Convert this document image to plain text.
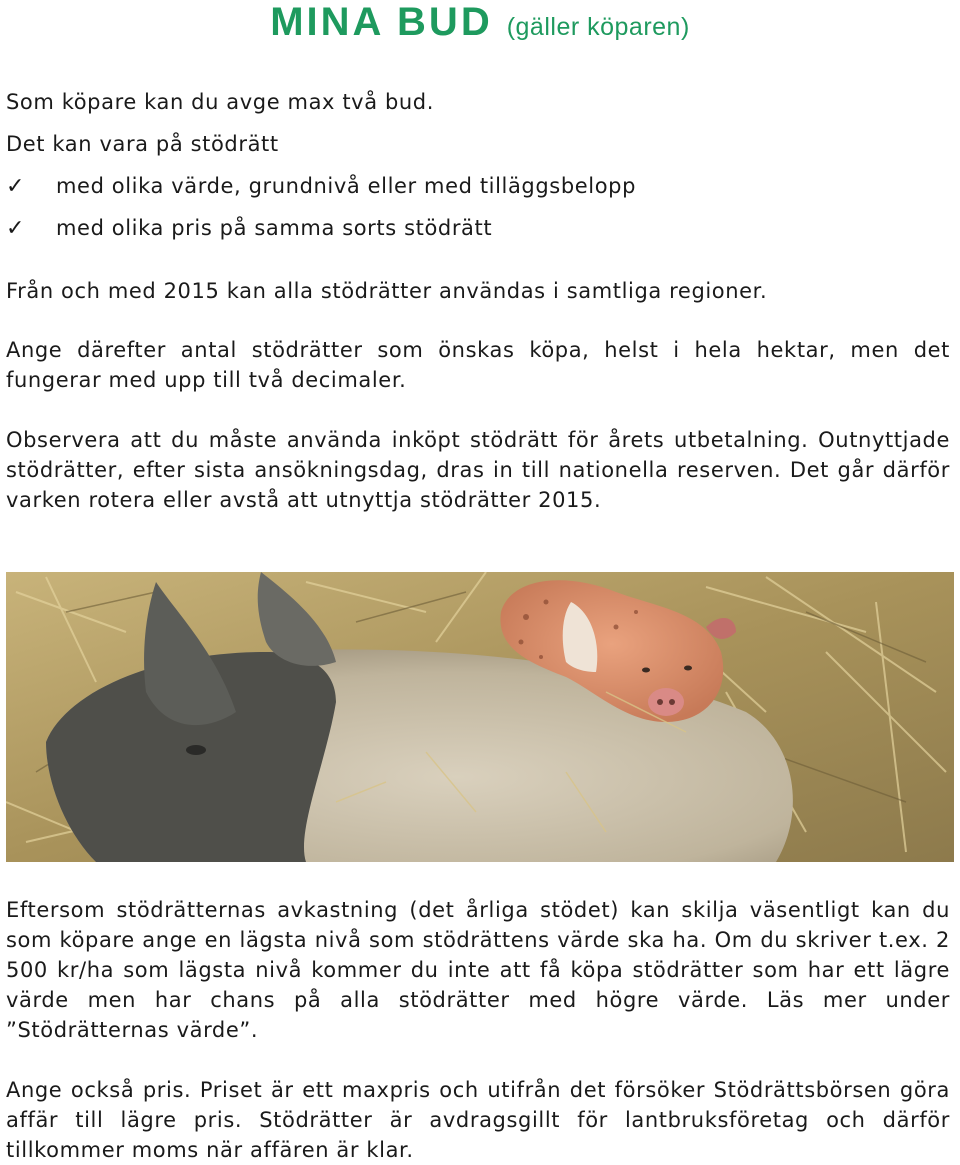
MINA BUD (gäller köparen)
Som köpare kan du avge max två bud.
Det kan vara på stödrätt
✓ med olika värde, grundnivå eller med tilläggsbelopp
✓ med olika pris på samma sorts stödrätt
Från och med 2015 kan alla stödrätter användas i samtliga regioner.
Ange därefter antal stödrätter som önskas köpa, helst i hela hektar, men det fungerar med upp till två decimaler.
Observera att du måste använda inköpt stödrätt för årets utbetalning. Outnyttjade stödrätter, efter sista ansökningsdag, dras in till nationella reserven. Det går därför varken rotera eller avstå att utnyttja stödrätter 2015.
Eftersom stödrätternas avkastning (det årliga stödet) kan skilja väsentligt kan du som köpare ange en lägsta nivå som stödrättens värde ska ha. Om du skriver t.ex. 2 500 kr/ha som lägsta nivå kommer du inte att få köpa stödrätter som har ett lägre värde men har chans på alla stödrätter med högre värde. Läs mer under ”Stödrätternas värde”.
Ange också pris. Priset är ett maxpris och utifrån det försöker Stödrättsbörsen göra affär till lägre pris. Stödrätter är avdragsgillt för lantbruksföretag och därför tillkommer moms när affären är klar.
